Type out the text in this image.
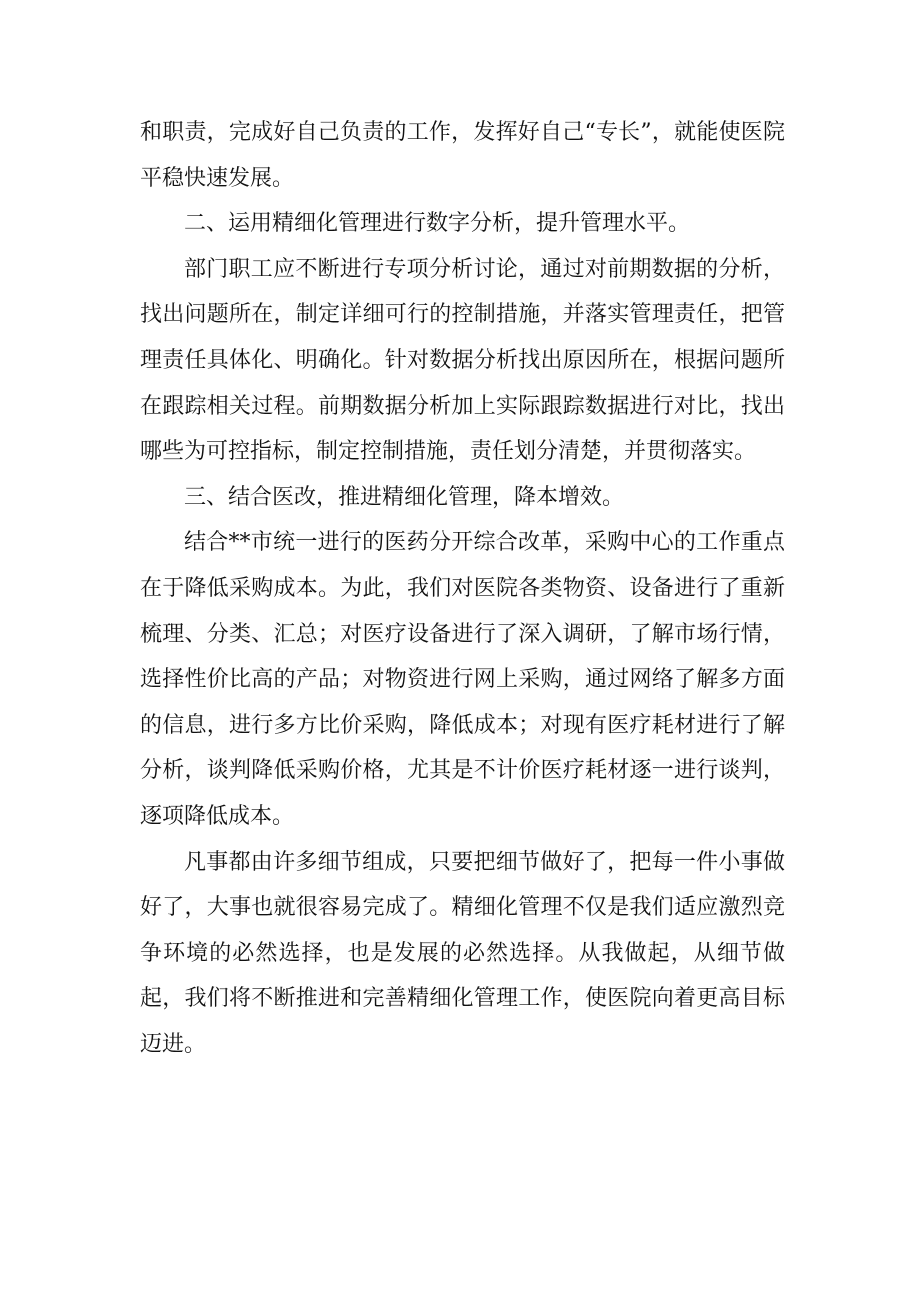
和职责，完成好自己负责的工作，发挥好自己“专长”，就能使医院平稳快速发展。

二、运用精细化管理进行数字分析，提升管理水平。

部门职工应不断进行专项分析讨论，通过对前期数据的分析，找出问题所在，制定详细可行的控制措施，并落实管理责任，把管理责任具体化、明确化。针对数据分析找出原因所在，根据问题所在跟踪相关过程。前期数据分析加上实际跟踪数据进行对比，找出哪些为可控指标，制定控制措施，责任划分清楚，并贯彻落实。

三、结合医改，推进精细化管理，降本增效。

结合**市统一进行的医药分开综合改革，采购中心的工作重点在于降低采购成本。为此，我们对医院各类物资、设备进行了重新梳理、分类、汇总；对医疗设备进行了深入调研，了解市场行情，选择性价比高的产品；对物资进行网上采购，通过网络了解多方面的信息，进行多方比价采购，降低成本；对现有医疗耗材进行了解分析，谈判降低采购价格，尤其是不计价医疗耗材逐一进行谈判，逐项降低成本。

凡事都由许多细节组成，只要把细节做好了，把每一件小事做好了，大事也就很容易完成了。精细化管理不仅是我们适应激烈竞争环境的必然选择，也是发展的必然选择。从我做起，从细节做起，我们将不断推进和完善精细化管理工作，使医院向着更高目标迈进。
